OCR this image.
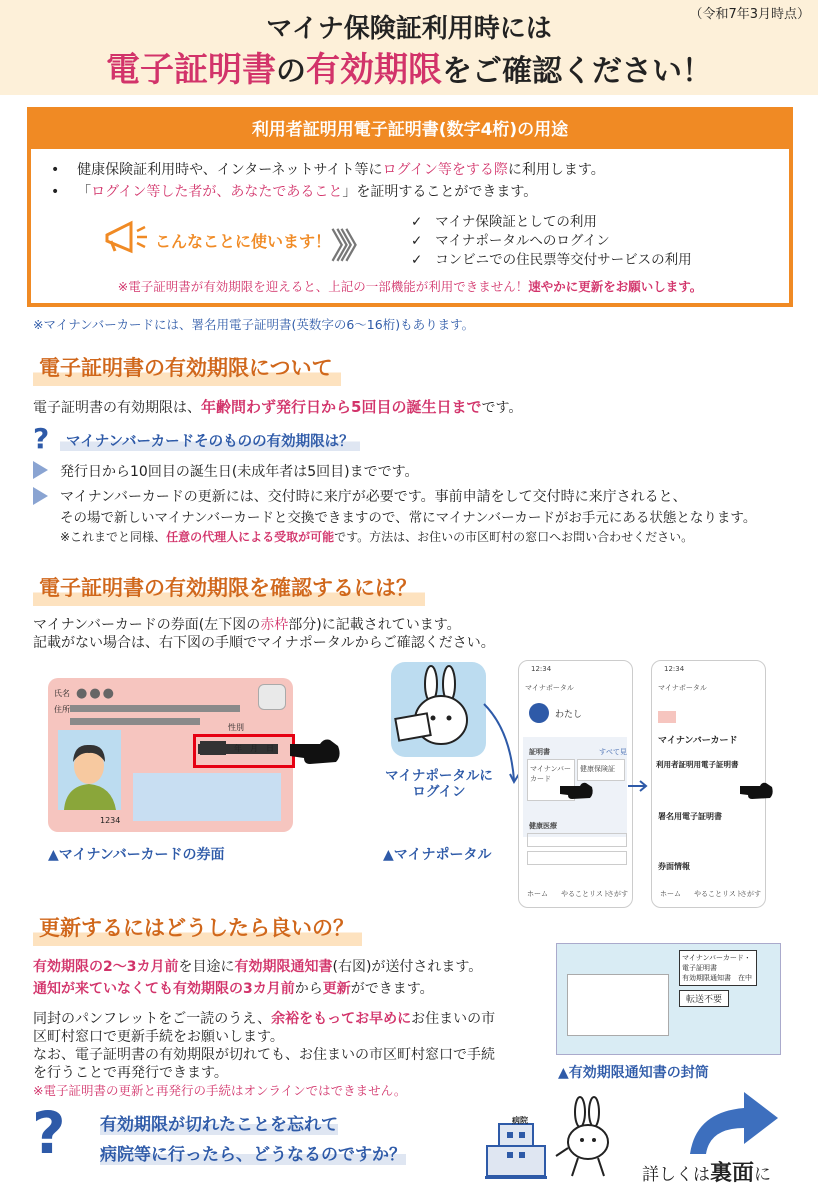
（令和7年3月時点）
マイナ保険証利用時には
電子証明書の有効期限をご確認ください！
利用者証明用電子証明書(数字4桁)の用途
• 健康保険証利用時や、インターネットサイト等にログイン等をする際に利用します。
• 「ログイン等した者が、あなたであること」を証明することができます。
こんなことに使います！ 》》
✓ マイナ保険証としての利用
✓ マイナポータルへのログイン
✓ コンビニでの住民票等交付サービスの利用
※電子証明書が有効期限を迎えると、上記の一部機能が利用できません！速やかに更新をお願いします。
※マイナンバーカードには、署名用電子証明書(英数字の6～16桁)もあります。
電子証明書の有効期限について
電子証明書の有効期限は、年齢問わず発行日から5回目の誕生日までです。
?	マイナンバーカードそのものの有効期限は？
発行日から10回目の誕生日(未成年者は5回目)までです。
マイナンバーカードの更新には、交付時に来庁が必要です。事前申請をして交付時に来庁されると、
その場で新しいマイナンバーカードと交換できますので、常にマイナンバーカードがお手元にある状態となります。
※これまでと同様、任意の代理人による受取が可能です。方法は、お住いの市区町村の窓口へお問い合わせください。
電子証明書の有効期限を確認するには？
マイナンバーカードの券面(左下図の赤枠部分)に記載されています。
記載がない場合は、右下図の手順でマイナポータルからご確認ください。
氏名 ●●●
住所
性別
1234
年　月　日
▲マイナンバーカードの券面
マイナポータルに
ログイン
▲マイナポータル
12:34
マイナポータル
わたし
証明書	すべて見
マイナンバーカード
健康保険証
健康医療
ホーム やることリスト
さがす
12:34
マイナポータル
マイナンバーカード
利用者証明用電子証明書
署名用電子証明書
券面情報
ホーム やることリスト
さがす
更新するにはどうしたら良いの？
有効期限の2～3カ月前を目途に有効期限通知書(右図)が送付されます。
通知が来ていなくても有効期限の3カ月前から更新ができます。
同封のパンフレットをご一読のうえ、余裕をもってお早めにお住まいの市
区町村窓口で更新手続をお願いします。
なお、電子証明書の有効期限が切れても、お住まいの市区町村窓口で手続
を行うことで再発行できます。
※電子証明書の更新と再発行の手続はオンラインではできません。
マイナンバーカード・
電子証明書
有効期限通知書　在中
転送不要
▲有効期限通知書の封筒
? 有効期限が切れたことを忘れて
病院等に行ったら、どうなるのですか？
病院
詳しくは裏面に
